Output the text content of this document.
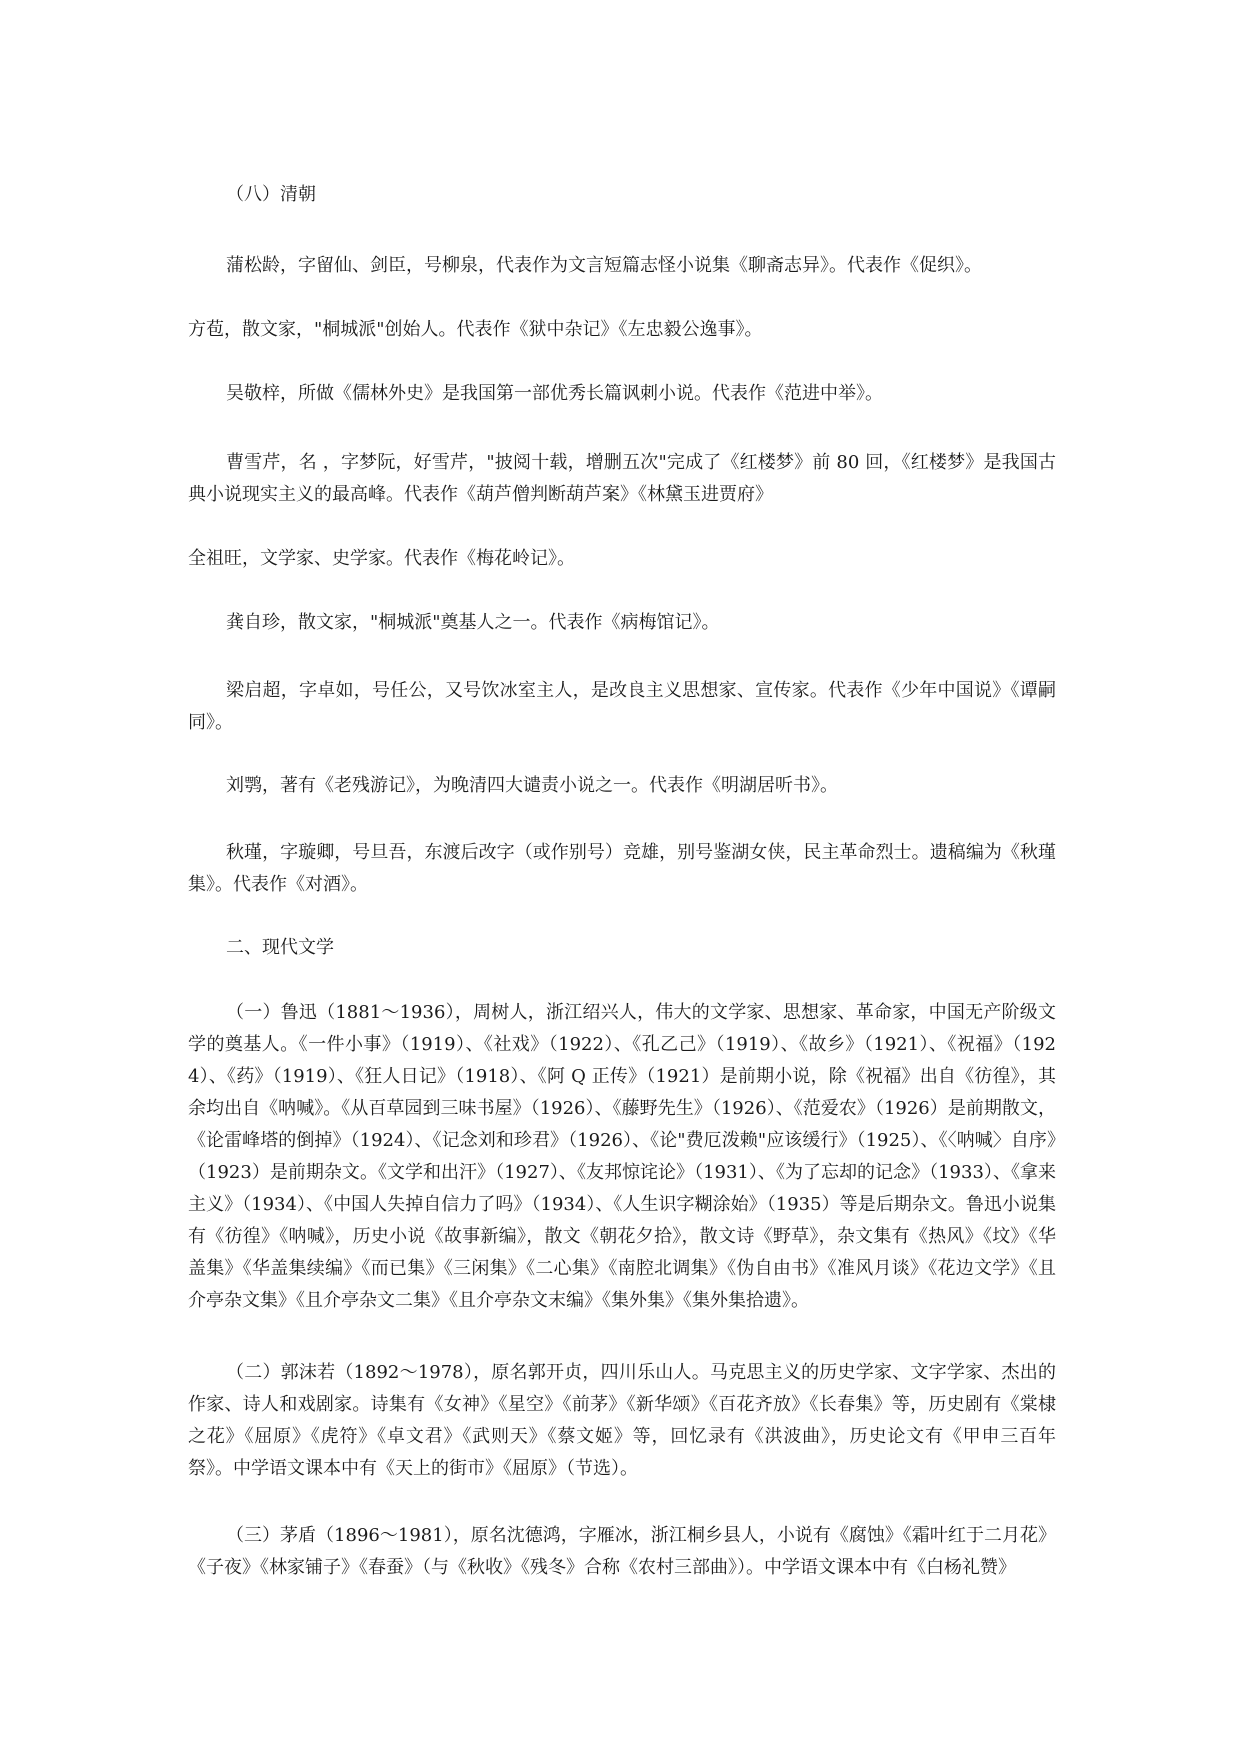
（八）清朝

蒲松龄，字留仙、剑臣，号柳泉，代表作为文言短篇志怪小说集《聊斋志异》。代表作《促织》。

方苞，散文家，"桐城派"创始人。代表作《狱中杂记》《左忠毅公逸事》。

吴敬梓，所做《儒林外史》是我国第一部优秀长篇讽刺小说。代表作《范进中举》。

曹雪芹，名 ，字梦阮，好雪芹，"披阅十载，增删五次"完成了《红楼梦》前 80 回，《红楼梦》是我国古典小说现实主义的最高峰。代表作《葫芦僧判断葫芦案》《林黛玉进贾府》

全祖旺，文学家、史学家。代表作《梅花岭记》。

龚自珍，散文家，"桐城派"奠基人之一。代表作《病梅馆记》。

梁启超，字卓如，号任公，又号饮冰室主人，是改良主义思想家、宣传家。代表作《少年中国说》《谭嗣同》。

刘鹗，著有《老残游记》，为晚清四大谴责小说之一。代表作《明湖居听书》。

秋瑾，字璇卿，号旦吾，东渡后改字（或作别号）竞雄，别号鉴湖女侠，民主革命烈士。遗稿编为《秋瑾集》。代表作《对酒》。

二、现代文学

（一）鲁迅（1881～1936），周树人，浙江绍兴人，伟大的文学家、思想家、革命家，中国无产阶级文学的奠基人。《一件小事》（1919）、《社戏》（1922）、《孔乙己》（1919）、《故乡》（1921）、《祝福》（1924）、《药》（1919）、《狂人日记》（1918）、《阿 Q 正传》（1921）是前期小说，除《祝福》出自《彷徨》，其余均出自《呐喊》。《从百草园到三味书屋》（1926）、《藤野先生》（1926）、《范爱农》（1926）是前期散文，《论雷峰塔的倒掉》（1924）、《记念刘和珍君》（1926）、《论"费厄泼赖"应该缓行》（1925）、《〈呐喊〉自序》（1923）是前期杂文。《文学和出汗》（1927）、《友邦惊诧论》（1931）、《为了忘却的记念》（1933）、《拿来主义》（1934）、《中国人失掉自信力了吗》（1934）、《人生识字糊涂始》（1935）等是后期杂文。鲁迅小说集有《彷徨》《呐喊》，历史小说《故事新编》，散文《朝花夕拾》，散文诗《野草》，杂文集有《热风》《坟》《华盖集》《华盖集续编》《而已集》《三闲集》《二心集》《南腔北调集》《伪自由书》《准风月谈》《花边文学》《且介亭杂文集》《且介亭杂文二集》《且介亭杂文末编》《集外集》《集外集拾遗》。

（二）郭沫若（1892～1978），原名郭开贞，四川乐山人。马克思主义的历史学家、文字学家、杰出的作家、诗人和戏剧家。诗集有《女神》《星空》《前茅》《新华颂》《百花齐放》《长春集》等，历史剧有《棠棣之花》《屈原》《虎符》《卓文君》《武则天》《蔡文姬》等，回忆录有《洪波曲》，历史论文有《甲申三百年祭》。中学语文课本中有《天上的街市》《屈原》（节选）。

（三）茅盾（1896～1981），原名沈德鸿，字雁冰，浙江桐乡县人，小说有《腐蚀》《霜叶红于二月花》《子夜》《林家铺子》《春蚕》（与《秋收》《残冬》合称《农村三部曲》）。中学语文课本中有《白杨礼赞》
